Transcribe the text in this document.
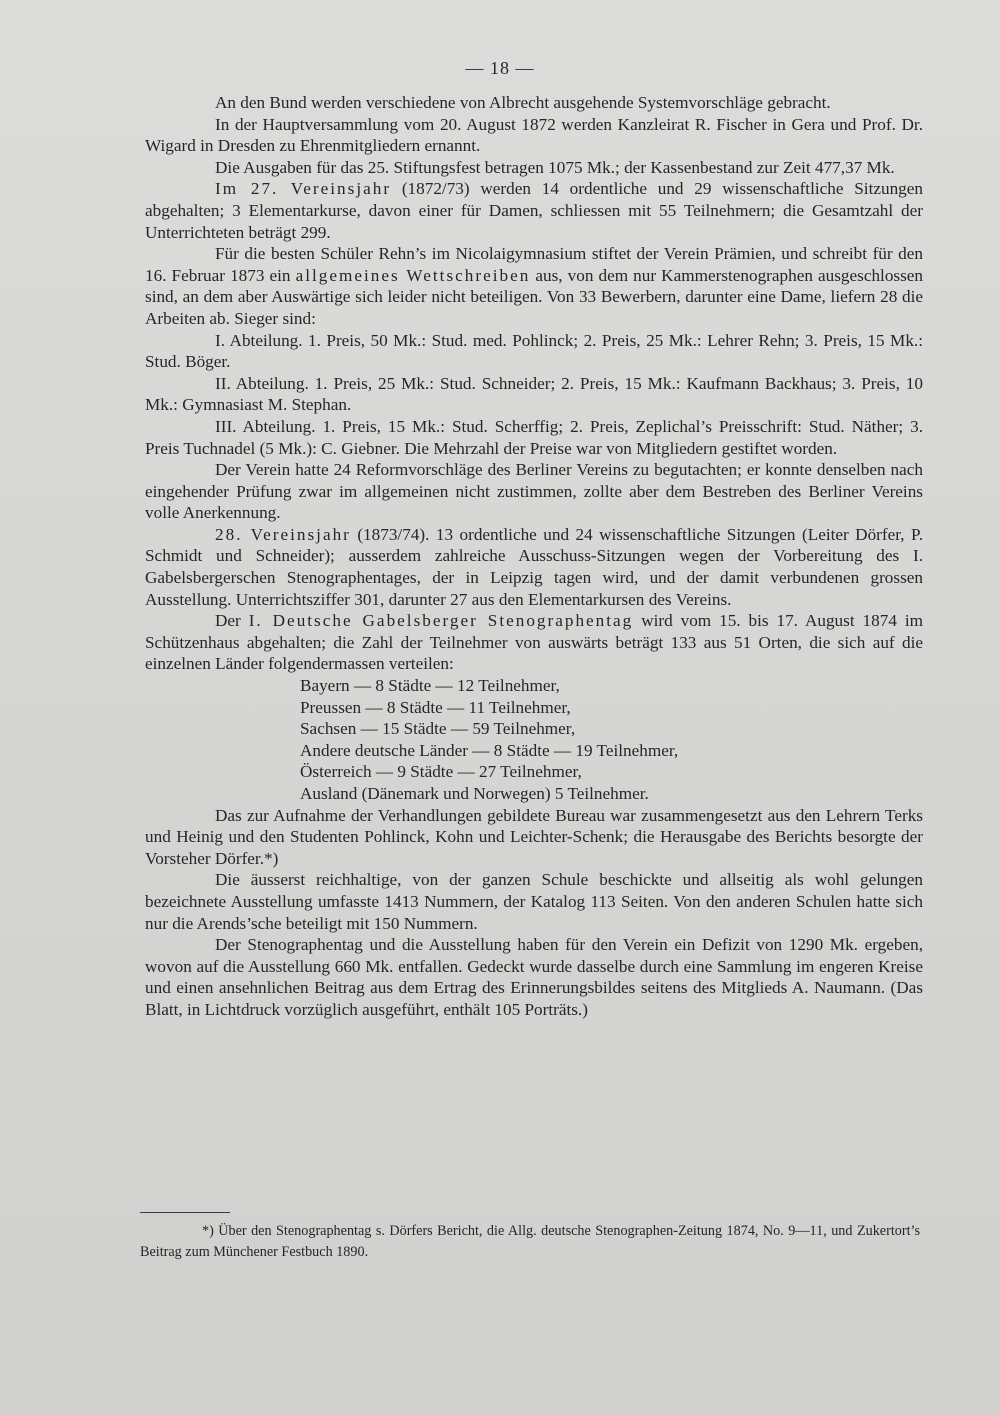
— 18 —

An den Bund werden verschiedene von Albrecht ausgehende Systemvorschläge gebracht.

In der Hauptversammlung vom 20. August 1872 werden Kanzleirat R. Fischer in Gera und Prof. Dr. Wigard in Dresden zu Ehrenmitgliedern ernannt.

Die Ausgaben für das 25. Stiftungsfest betragen 1075 Mk.; der Kassenbestand zur Zeit 477,37 Mk.

Im 27. Vereinsjahr (1872/73) werden 14 ordentliche und 29 wissenschaftliche Sitzungen abgehalten; 3 Elementarkurse, davon einer für Damen, schliessen mit 55 Teilnehmern; die Gesamtzahl der Unterrichteten beträgt 299.

Für die besten Schüler Rehn’s im Nicolaigymnasium stiftet der Verein Prämien, und schreibt für den 16. Februar 1873 ein allgemeines Wettschreiben aus, von dem nur Kammerstenographen ausgeschlossen sind, an dem aber Auswärtige sich leider nicht beteiligen. Von 33 Bewerbern, darunter eine Dame, liefern 28 die Arbeiten ab. Sieger sind:

I. Abteilung. 1. Preis, 50 Mk.: Stud. med. Pohlinck; 2. Preis, 25 Mk.: Lehrer Rehn; 3. Preis, 15 Mk.: Stud. Böger.

II. Abteilung. 1. Preis, 25 Mk.: Stud. Schneider; 2. Preis, 15 Mk.: Kaufmann Backhaus; 3. Preis, 10 Mk.: Gymnasiast M. Stephan.

III. Abteilung. 1. Preis, 15 Mk.: Stud. Scherffig; 2. Preis, Zeplichal’s Preisschrift: Stud. Näther; 3. Preis Tuchnadel (5 Mk.): C. Giebner. Die Mehrzahl der Preise war von Mitgliedern gestiftet worden.

Der Verein hatte 24 Reformvorschläge des Berliner Vereins zu begutachten; er konnte denselben nach eingehender Prüfung zwar im allgemeinen nicht zustimmen, zollte aber dem Bestreben des Berliner Vereins volle Anerkennung.

28. Vereinsjahr (1873/74). 13 ordentliche und 24 wissenschaftliche Sitzungen (Leiter Dörfer, P. Schmidt und Schneider); ausserdem zahlreiche Ausschuss-Sitzungen wegen der Vorbereitung des I. Gabelsbergerschen Stenographentages, der in Leipzig tagen wird, und der damit verbundenen grossen Ausstellung. Unterrichtsziffer 301, darunter 27 aus den Elementarkursen des Vereins.

Der I. Deutsche Gabelsberger Stenographentag wird vom 15. bis 17. August 1874 im Schützenhaus abgehalten; die Zahl der Teilnehmer von auswärts beträgt 133 aus 51 Orten, die sich auf die einzelnen Länder folgendermassen verteilen:

Bayern — 8 Städte — 12 Teilnehmer,
Preussen — 8 Städte — 11 Teilnehmer,
Sachsen — 15 Städte — 59 Teilnehmer,
Andere deutsche Länder — 8 Städte — 19 Teilnehmer,
Österreich — 9 Städte — 27 Teilnehmer,
Ausland (Dänemark und Norwegen) 5 Teilnehmer.

Das zur Aufnahme der Verhandlungen gebildete Bureau war zusammengesetzt aus den Lehrern Terks und Heinig und den Studenten Pohlinck, Kohn und Leichter-Schenk; die Herausgabe des Berichts besorgte der Vorsteher Dörfer.*)

Die äusserst reichhaltige, von der ganzen Schule beschickte und allseitig als wohl gelungen bezeichnete Ausstellung umfasste 1413 Nummern, der Katalog 113 Seiten. Von den anderen Schulen hatte sich nur die Arends’sche beteiligt mit 150 Nummern.

Der Stenographentag und die Ausstellung haben für den Verein ein Defizit von 1290 Mk. ergeben, wovon auf die Ausstellung 660 Mk. entfallen. Gedeckt wurde dasselbe durch eine Sammlung im engeren Kreise und einen ansehnlichen Beitrag aus dem Ertrag des Erinnerungsbildes seitens des Mitglieds A. Naumann. (Das Blatt, in Lichtdruck vorzüglich ausgeführt, enthält 105 Porträts.)

*) Über den Stenographentag s. Dörfers Bericht, die Allg. deutsche Stenographen-Zeitung 1874, No. 9—11, und Zukertort’s Beitrag zum Münchener Festbuch 1890.
